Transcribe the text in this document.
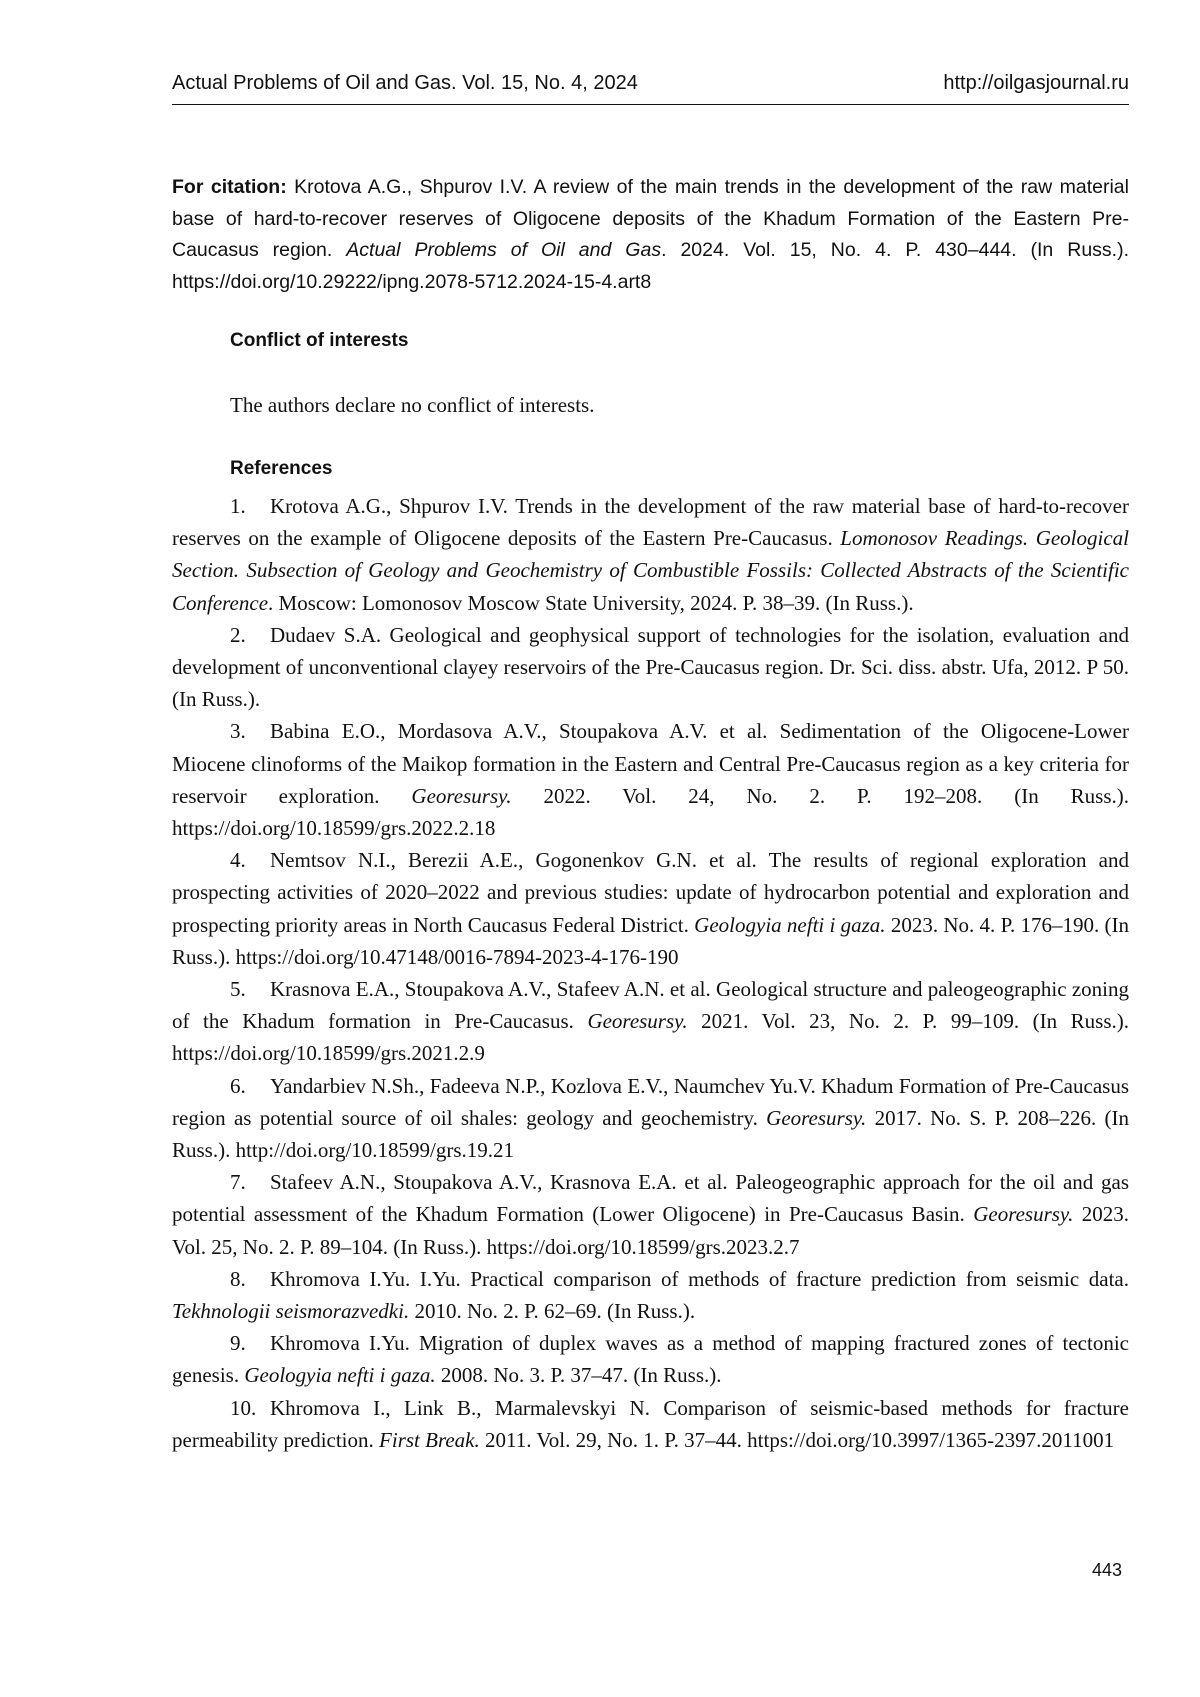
Actual Problems of Oil and Gas. Vol. 15, No. 4, 2024	http://oilgasjournal.ru
For citation: Krotova A.G., Shpurov I.V. A review of the main trends in the development of the raw material base of hard-to-recover reserves of Oligocene deposits of the Khadum Formation of the Eastern Pre-Caucasus region. Actual Problems of Oil and Gas. 2024. Vol. 15, No. 4. P. 430–444. (In Russ.). https://doi.org/10.29222/ipng.2078-5712.2024-15-4.art8
Conflict of interests
The authors declare no conflict of interests.
References

1. Krotova A.G., Shpurov I.V. Trends in the development of the raw material base of hard-to-recover reserves on the example of Oligocene deposits of the Eastern Pre-Caucasus. Lomonosov Readings. Geological Section. Subsection of Geology and Geochemistry of Combustible Fossils: Collected Abstracts of the Scientific Conference. Moscow: Lomonosov Moscow State University, 2024. P. 38–39. (In Russ.).

2. Dudaev S.A. Geological and geophysical support of technologies for the isolation, evaluation and development of unconventional clayey reservoirs of the Pre-Caucasus region. Dr. Sci. diss. abstr. Ufa, 2012. P 50. (In Russ.).

3. Babina E.O., Mordasova A.V., Stoupakova A.V. et al. Sedimentation of the Oligocene-Lower Miocene clinoforms of the Maikop formation in the Eastern and Central Pre-Caucasus region as a key criteria for reservoir exploration. Georesursy. 2022. Vol. 24, No. 2. P. 192–208. (In Russ.). https://doi.org/10.18599/grs.2022.2.18

4. Nemtsov N.I., Berezii A.E., Gogonenkov G.N. et al. The results of regional exploration and prospecting activities of 2020–2022 and previous studies: update of hydrocarbon potential and exploration and prospecting priority areas in North Caucasus Federal District. Geologyia nefti i gaza. 2023. No. 4. P. 176–190. (In Russ.). https://doi.org/10.47148/0016-7894-2023-4-176-190

5. Krasnova E.A., Stoupakova A.V., Stafeev A.N. et al. Geological structure and paleogeographic zoning of the Khadum formation in Pre-Caucasus. Georesursy. 2021. Vol. 23, No. 2. P. 99–109. (In Russ.). https://doi.org/10.18599/grs.2021.2.9

6. Yandarbiev N.Sh., Fadeeva N.P., Kozlova E.V., Naumchev Yu.V. Khadum Formation of Pre-Caucasus region as potential source of oil shales: geology and geochemistry. Georesursy. 2017. No. S. P. 208–226. (In Russ.). http://doi.org/10.18599/grs.19.21

7. Stafeev A.N., Stoupakova A.V., Krasnova E.A. et al. Paleogeographic approach for the oil and gas potential assessment of the Khadum Formation (Lower Oligocene) in Pre-Caucasus Basin. Georesursy. 2023. Vol. 25, No. 2. P. 89–104. (In Russ.). https://doi.org/10.18599/grs.2023.2.7

8. Khromova I.Yu. I.Yu. Practical comparison of methods of fracture prediction from seismic data. Tekhnologii seismorazvedki. 2010. No. 2. P. 62–69. (In Russ.).

9. Khromova I.Yu. Migration of duplex waves as a method of mapping fractured zones of tectonic genesis. Geologyia nefti i gaza. 2008. No. 3. P. 37–47. (In Russ.).

10. Khromova I., Link B., Marmalevskyi N. Comparison of seismic-based methods for fracture permeability prediction. First Break. 2011. Vol. 29, No. 1. P. 37–44. https://doi.org/10.3997/1365-2397.2011001

443
